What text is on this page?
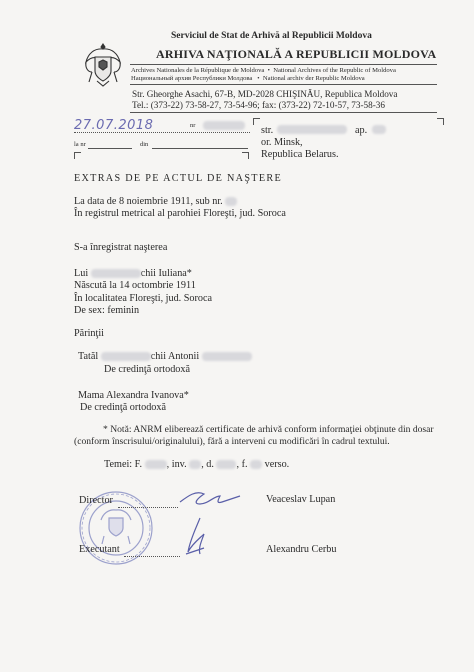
Serviciul de Stat de Arhivă al Republicii Moldova
ARHIVA NAŢIONALĂ A REPUBLICII MOLDOVA
Archives Nationales de la République de Moldova • National Archives of the Republic of Moldova
Национальный архив Республики Молдова • National archiv der Republic Moldova
Str. Gheorghe Asachi, 67-B, MD-2028 CHIŞINĂU, Republica Moldova
Tel.: (373-22) 73-58-27, 73-54-96; fax: (373-22) 72-10-57, 73-58-36
27.07.2018	nr
la nr	din
str.	ap.
or. Minsk,
Republica Belarus.
EXTRAS DE PE ACTUL DE NAŞTERE
La data de 8 noiembrie 1911, sub nr.
În registrul metrical al parohiei Floreşti, jud. Soroca
S-a înregistrat naşterea
Lui	chii Iuliana*
Născută la 14 octombrie 1911
În localitatea Floreşti, jud. Soroca
De sex: feminin
Părinţii
Tatăl	chii Antonii
De credinţă ortodoxă
Mama Alexandra Ivanova*
De credinţă ortodoxă
* Notă: ANRM eliberează certificate de arhivă conform informaţiei obţinute din dosar
(conform înscrisului/originalului), fără a interveni cu modificări în cadrul textului.
Temei: F. , inv. , d. , f. verso.
Director	Veaceslav Lupan
Executant	Alexandru Cerbu
